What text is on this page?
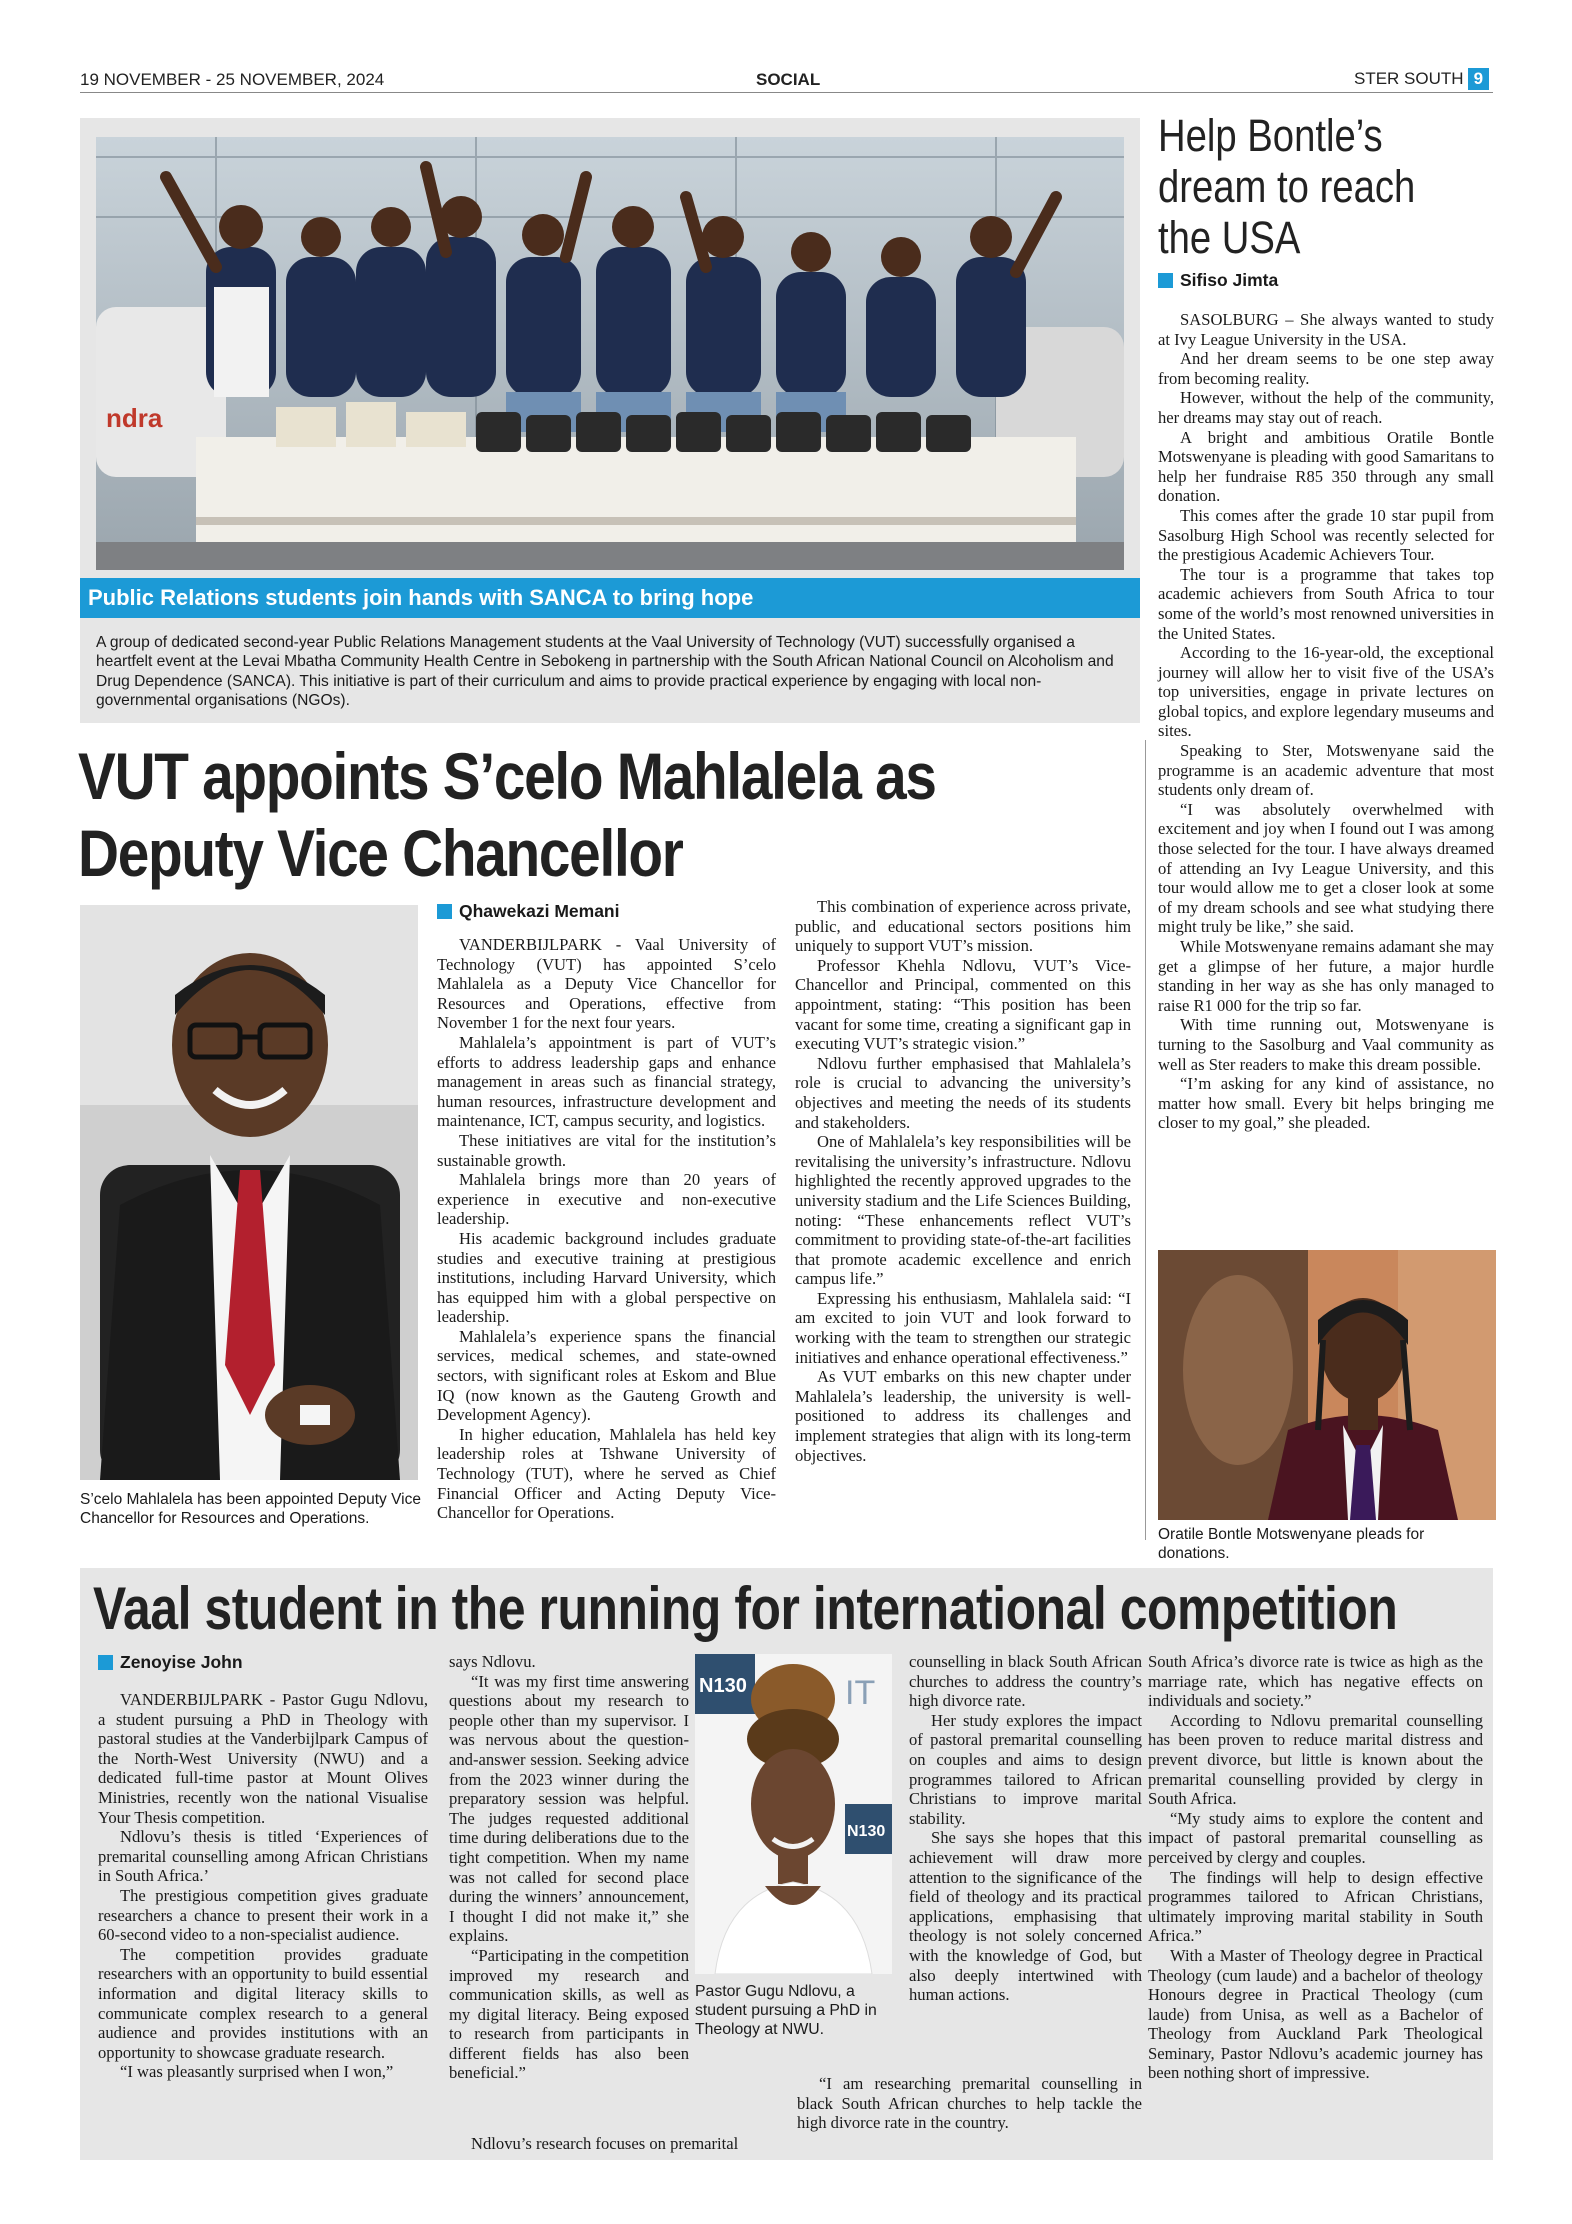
19 NOVEMBER - 25 NOVEMBER, 2024	SOCIAL	STER SOUTH 9
ndra
Public Relations students join hands with SANCA to bring hope
A group of dedicated second-year Public Relations Management students at the Vaal University of Technology (VUT) successfully organised a heartfelt event at the Levai Mbatha Community Health Centre in Sebokeng in partnership with the South African National Council on Alcoholism and Drug Dependence (SANCA). This initiative is part of their curriculum and aims to provide practical experience by engaging with local non-governmental organisations (NGOs).
VUT appoints S’celo Mahlalela as
Deputy Vice Chancellor
S’celo Mahlalela has been appointed Deputy Vice Chancellor for Resources and Operations.
Qhawekazi Memani

VANDERBIJLPARK - Vaal University of Technology (VUT) has appointed S’celo Mahlalela as a Deputy Vice Chancellor for Resources and Operations, effective from November 1 for the next four years.

Mahlalela’s appointment is part of VUT’s efforts to address leadership gaps and enhance management in areas such as financial strategy, human resources, infrastructure development and maintenance, ICT, campus security, and logistics.

These initiatives are vital for the institution’s sustainable growth.

Mahlalela brings more than 20 years of experience in executive and non-executive leadership.

His academic background includes graduate studies and executive training at prestigious institutions, including Harvard University, which has equipped him with a global perspective on leadership.

Mahlalela’s experience spans the financial services, medical schemes, and state-owned sectors, with significant roles at Eskom and Blue IQ (now known as the Gauteng Growth and Development Agency).

In higher education, Mahlalela has held key leadership roles at Tshwane University of Technology (TUT), where he served as Chief Financial Officer and Acting Deputy Vice-Chancellor for Operations.

This combination of experience across private, public, and educational sectors positions him uniquely to support VUT’s mission.

Professor Khehla Ndlovu, VUT’s Vice-Chancellor and Principal, commented on this appointment, stating: “This position has been vacant for some time, creating a significant gap in executing VUT’s strategic vision.”

Ndlovu further emphasised that Mahlalela’s role is crucial to advancing the university’s objectives and meeting the needs of its students and stakeholders.

One of Mahlalela’s key responsibilities will be revitalising the university’s infrastructure. Ndlovu highlighted the recently approved upgrades to the university stadium and the Life Sciences Building, noting: “These enhancements reflect VUT’s commitment to providing state-of-the-art facilities that promote academic excellence and enrich campus life.”

Expressing his enthusiasm, Mahlalela said: “I am excited to join VUT and look forward to working with the team to strengthen our strategic initiatives and enhance operational effectiveness.”

As VUT embarks on this new chapter under Mahlalela’s leadership, the university is well-positioned to address its challenges and implement strategies that align with its long-term objectives.

Help Bontle’s
dream to reach
the USA
Sifiso Jimta

SASOLBURG – She always wanted to study at Ivy League University in the USA.

And her dream seems to be one step away from becoming reality.

However, without the help of the community, her dreams may stay out of reach.

A bright and ambitious Oratile Bontle Motswenyane is pleading with good Samaritans to help her fundraise R85 350 through any small donation.

This comes after the grade 10 star pupil from Sasolburg High School was recently selected for the prestigious Academic Achievers Tour.

The tour is a programme that takes top academic achievers from South Africa to tour some of the world’s most renowned universities in the United States.

According to the 16-year-old, the exceptional journey will allow her to visit five of the USA’s top universities, engage in private lectures on global topics, and explore legendary museums and sites.

Speaking to Ster, Motswenyane said the programme is an academic adventure that most students only dream of.

“I was absolutely overwhelmed with excitement and joy when I found out I was among those selected for the tour. I have always dreamed of attending an Ivy League University, and this tour would allow me to get a closer look at some of my dream schools and see what studying there might truly be like,” she said.

While Motswenyane remains adamant she may get a glimpse of her future, a major hurdle standing in her way as she has only managed to raise R1 000 for the trip so far.

With time running out, Motswenyane is turning to the Sasolburg and Vaal community as well as Ster readers to make this dream possible.

“I’m asking for any kind of assistance, no matter how small. Every bit helps bringing me closer to my goal,” she pleaded.

Oratile Bontle Motswenyane pleads for donations.
Vaal student in the running for international competition
Zenoyise John

VANDERBIJLPARK - Pastor Gugu Ndlovu, a student pursuing a PhD in Theology with pastoral studies at the Vanderbijlpark Campus of the North-West University (NWU) and a dedicated full-time pastor at Mount Olives Ministries, recently won the national Visualise Your Thesis competition.

Ndlovu’s thesis is titled ‘Experiences of premarital counselling among African Christians in South Africa.’

The prestigious competition gives graduate researchers a chance to present their work in a 60-second video to a non-specialist audience.

The competition provides graduate researchers with an opportunity to build essential information and digital literacy skills to communicate complex research to a general audience and provides institutions with an opportunity to showcase graduate research.

“I was pleasantly surprised when I won,”

says Ndlovu.

“It was my first time answering questions about my research to people other than my supervisor. I was nervous about the question-and-answer session. Seeking advice from the 2023 winner during the preparatory session was helpful. The judges requested additional time during deliberations due to the tight competition. When my name was not called for second place during the winners’ announcement, I thought I did not make it,” she explains.

“Participating in the competition improved my research and communication skills, as well as my digital literacy. Being exposed to research from participants in different fields has also been beneficial.”

Ndlovu’s research focuses on premarital

N130	IT
N130
Pastor Gugu Ndlovu, a student pursuing a PhD in Theology at NWU.

counselling in black South African churches to address the country’s high divorce rate.

Her study explores the impact of pastoral premarital counselling on couples and aims to design programmes tailored to African Christians to improve marital stability.

She says she hopes that this achievement will draw more attention to the significance of the field of theology and its practical applications, emphasising that theology is not solely concerned with the knowledge of God, but also deeply intertwined with human actions.

“I am researching premarital counselling in black South African churches to help tackle the high divorce rate in the country.

South Africa’s divorce rate is twice as high as the marriage rate, which has negative effects on individuals and society.”

According to Ndlovu premarital counselling has been proven to reduce marital distress and prevent divorce, but little is known about the premarital counselling provided by clergy in South Africa.

“My study aims to explore the content and impact of pastoral premarital counselling as perceived by clergy and couples.

The findings will help to design effective programmes tailored to African Christians, ultimately improving marital stability in South Africa.”

With a Master of Theology degree in Practical Theology (cum laude) and a bachelor of theology Honours degree in Practical Theology (cum laude) from Unisa, as well as a Bachelor of Theology from Auckland Park Theological Seminary, Pastor Ndlovu’s academic journey has been nothing short of impressive.
